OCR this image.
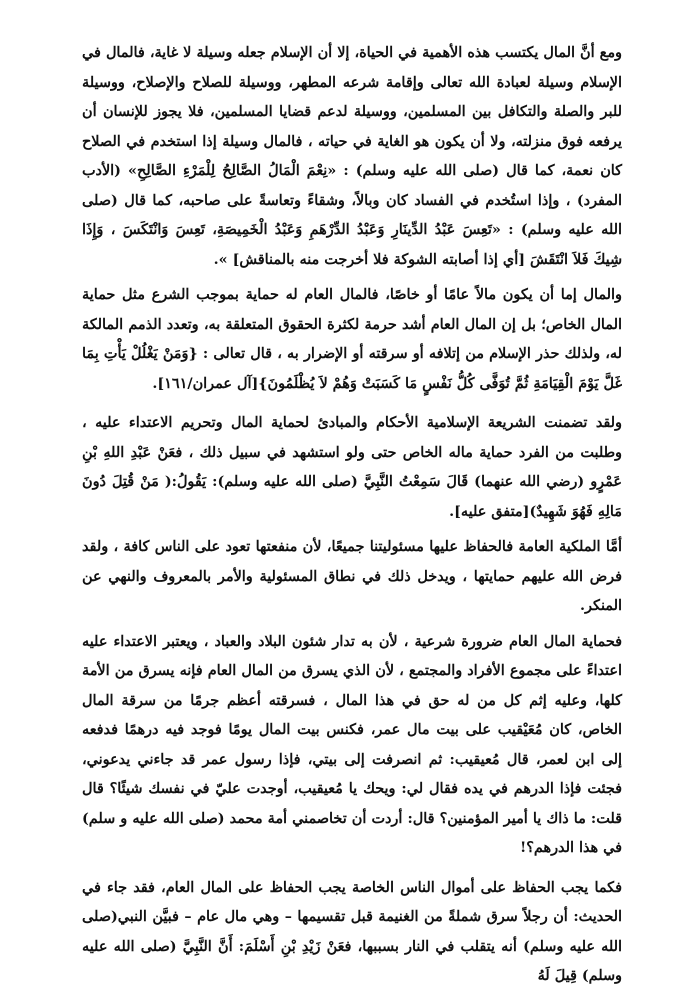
ومع أنَّ المال يكتسب هذه الأهمية في الحياة، إلا أن الإسلام جعله وسيلة لا غاية، فالمال في الإسلام وسيلة لعبادة الله تعالى وإقامة شرعه المطهر، ووسيلة للصلاح والإصلاح، ووسيلة للبر والصلة والتكافل بين المسلمين، ووسيلة لدعم قضايا المسلمين، فلا يجوز للإنسان أن يرفعه فوق منزلته، ولا أن يكون هو الغاية في حياته ، فالمال وسيلة إذا استخدم في الصلاح كان نعمة، كما قال (صلى الله عليه وسلم) : «نِعْمَ الْمَالُ الصَّالِحُ لِلْمَرْءِ الصَّالِحِ» (الأدب المفرد) ، وإذا استُخدم في الفساد كان وبالاً، وشقاءً وتعاسةً على صاحبه، كما قال (صلى الله عليه وسلم) : «تَعِسَ عَبْدُ الدِّينَارِ وَعَبْدُ الدِّرْهَمِ وَعَبْدُ الْخَمِيصَةِ، تَعِسَ وَانْتَكَسَ ، وَإِذَا شِيكَ فَلاَ انْتَقَشَ [أي إذا أصابته الشوكة فلا أخرجت منه بالمناقش] ».

والمال إما أن يكون مالاً عامًا أو خاصًا، فالمال العام له حماية بموجب الشرع مثل حماية المال الخاص؛ بل إن المال العام أشد حرمة لكثرة الحقوق المتعلقة به، وتعدد الذمم المالكة له، ولذلك حذر الإسلام من إتلافه أو سرقته أو الإضرار به ، قال تعالى : {وَمَنْ يَغْلُلْ يَأْتِ بِمَا غَلَّ يَوْمَ الْقِيَامَةِ ثُمَّ تُوَفَّى كُلُّ نَفْسٍ مَا كَسَبَتْ وَهُمْ لاَ يُظْلَمُونَ}[آل عمران/١٦١].

ولقد تضمنت الشريعة الإسلامية الأحكام والمبادئ لحماية المال وتحريم الاعتداء عليه ، وطلبت من الفرد حماية ماله الخاص حتى ولو استشهد في سبيل ذلك ، فعَنْ عَبْدِ اللهِ بْنِ عَمْرٍو (رضي الله عنهما) قَالَ سَمِعْتُ النَّبِيَّ (صلى الله عليه وسلم): يَقُولُ:( مَنْ قُتِلَ دُونَ مَالِهِ فَهُوَ شَهِيدٌ)[متفق عليه].

أمَّا الملكية العامة فالحفاظ عليها مسئوليتنا جميعًا، لأن منفعتها تعود على الناس كافة ، ولقد فرض الله عليهم حمايتها ، ويدخل ذلك في نطاق المسئولية والأمر بالمعروف والنهي عن المنكر.

فحماية المال العام ضرورة شرعية ، لأن به تدار شئون البلاد والعباد ، ويعتبر الاعتداء عليه اعتداءً على مجموع الأفراد والمجتمع ، لأن الذي يسرق من المال العام فإنه يسرق من الأمة كلها، وعليه إثم كل من له حق في هذا المال ، فسرقته أعظم جرمًا من سرقة المال الخاص، كان مُعَيْقيب على بيت مال عمر، فكنس بيت المال يومًا فوجد فيه درهمًا فدفعه إلى ابن لعمر، قال مُعيقيب: ثم انصرفت إلى بيتي، فإذا رسول عمر قد جاءني يدعوني، فجئت فإذا الدرهم في يده فقال لي: ويحك يا مُعيقيب، أوجدت عليّ في نفسك شيئًا؟ قال قلت: ما ذاك يا أمير المؤمنين؟ قال: أردت أن تخاصمني أمة محمد (صلى الله عليه و سلم) في هذا الدرهم؟!

فكما يجب الحفاظ على أموال الناس الخاصة يجب الحفاظ على المال العام، فقد جاء في الحديث: أن رجلاً سرق شملةً من الغنيمة قبل تقسيمها – وهي مال عام – فبيَّن النبي(صلى الله عليه وسلم) أنه يتقلب في النار بسببها، فعَنْ زَيْدِ بْنِ أَسْلَمَ: أَنَّ النَّبِيَّ (صلى الله عليه وسلم) قِيلَ لَهُ
